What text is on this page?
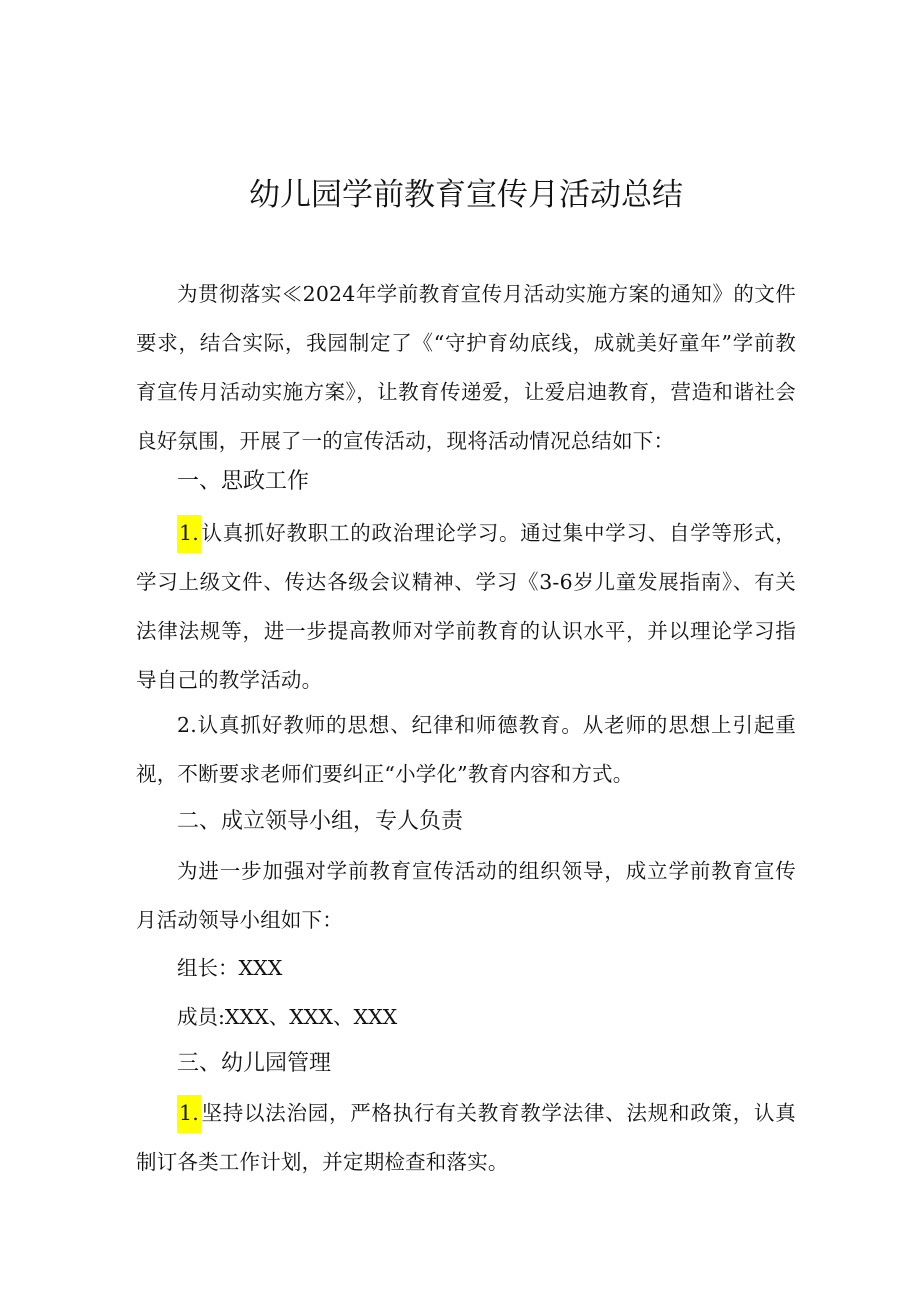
幼儿园学前教育宣传月活动总结

为贯彻落实≪2024年学前教育宣传月活动实施方案的通知》的文件要求，结合实际，我园制定了《“守护育幼底线，成就美好童年”学前教育宣传月活动实施方案》，让教育传递爱，让爱启迪教育，营造和谐社会良好氛围，开展了一的宣传活动，现将活动情况总结如下：

一、思政工作

1.认真抓好教职工的政治理论学习。通过集中学习、自学等形式，学习上级文件、传达各级会议精神、学习《3-6岁儿童发展指南》、有关法律法规等，进一步提高教师对学前教育的认识水平，并以理论学习指导自己的教学活动。

2.认真抓好教师的思想、纪律和师德教育。从老师的思想上引起重视，不断要求老师们要纠正“小学化”教育内容和方式。

二、成立领导小组，专人负责

为进一步加强对学前教育宣传活动的组织领导，成立学前教育宣传月活动领导小组如下：

组长：XXX
成员:XXX、XXX、XXX
三、幼儿园管理

1.坚持以法治园，严格执行有关教育教学法律、法规和政策，认真制订各类工作计划，并定期检查和落实。
